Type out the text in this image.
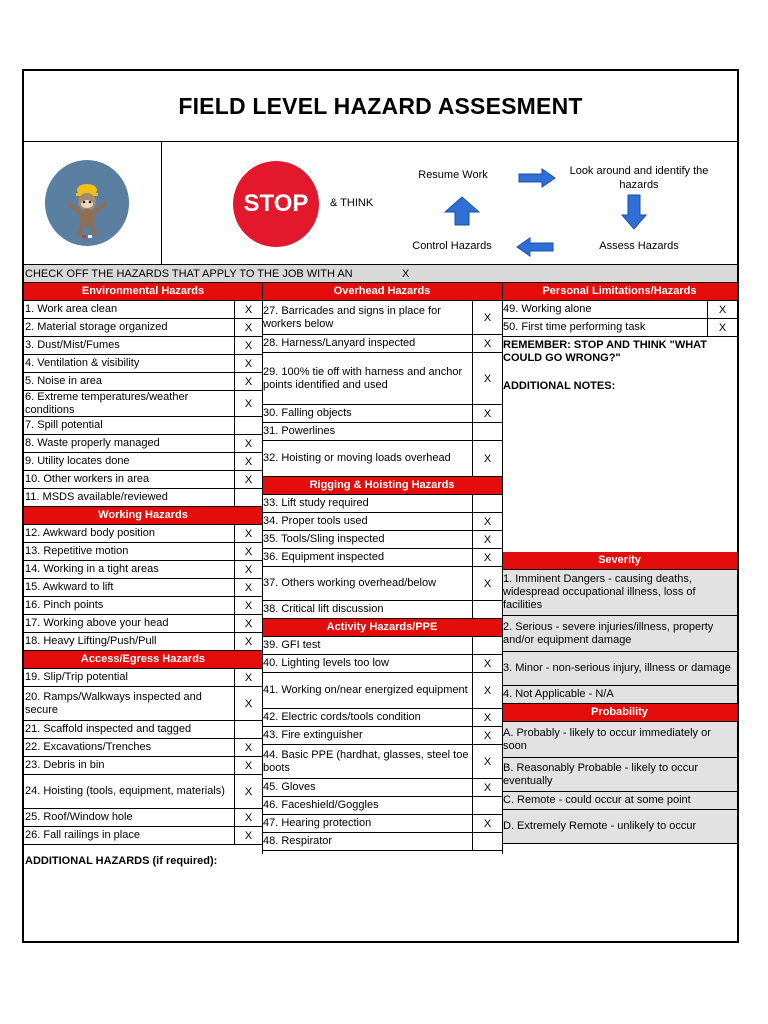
FIELD LEVEL HAZARD ASSESMENT
STOP & THINK
Resume Work	Look around and identify the hazards
Control Hazards	Assess Hazards
CHECK OFF THE HAZARDS THAT APPLY TO THE JOB WITH AN	X
Environmental Hazards
1. Work area clean	X
2. Material storage organized	X
3. Dust/Mist/Fumes	X
4. Ventilation & visibility	X
5. Noise in area	X
6. Extreme temperatures/weather conditions	X
7. Spill potential
8. Waste properly managed	X
9. Utility locates done	X
10. Other workers in area	X
11. MSDS available/reviewed
Working Hazards
12. Awkward body position	X
13. Repetitive motion	X
14. Working in a tight areas	X
15. Awkward to lift	X
16. Pinch points	X
17. Working above your head	X
18. Heavy Lifting/Push/Pull	X
Access/Egress Hazards
19. Slip/Trip potential	X
20. Ramps/Walkways inspected and secure	X
21. Scaffold inspected and tagged
22. Excavations/Trenches	X
23. Debris in bin	X
24. Hoisting (tools, equipment, materials)	X
25. Roof/Window hole	X
26. Fall railings in place	X
Overhead Hazards
27. Barricades and signs in place for workers below	X
28. Harness/Lanyard inspected	X
29. 100% tie off with harness and anchor points identified and used	X
30. Falling objects	X
31. Powerlines
32. Hoisting or moving loads overhead	X
Rigging & Hoisting Hazards
33. Lift study required
34. Proper tools used	X
35. Tools/Sling inspected	X
36. Equipment inspected	X
37. Others working overhead/below	X
38. Critical lift discussion
Activity Hazards/PPE
39. GFI test
40. Lighting levels too low	X
41. Working on/near energized equipment	X
42. Electric cords/tools condition	X
43. Fire extinguisher	X
44. Basic PPE (hardhat, glasses, steel toe boots	X
45. Gloves	X
46. Faceshield/Goggles
47. Hearing protection	X
48. Respirator
Personal Limitations/Hazards
49. Working alone	X
50. First time performing task	X
REMEMBER: STOP AND THINK "WHAT COULD GO WRONG?"
ADDITIONAL NOTES:
Severity
1. Imminent Dangers - causing deaths, widespread occupational illness, loss of facilities
2. Serious - severe injuries/illness, property and/or equipment damage
3. Minor - non-serious injury, illness or damage
4. Not Applicable - N/A
Probability
A. Probably - likely to occur immediately or soon
B. Reasonably Probable - likely to occur eventually
C. Remote - could occur at some point
D. Extremely Remote - unlikely to occur
ADDITIONAL HAZARDS (if required):
